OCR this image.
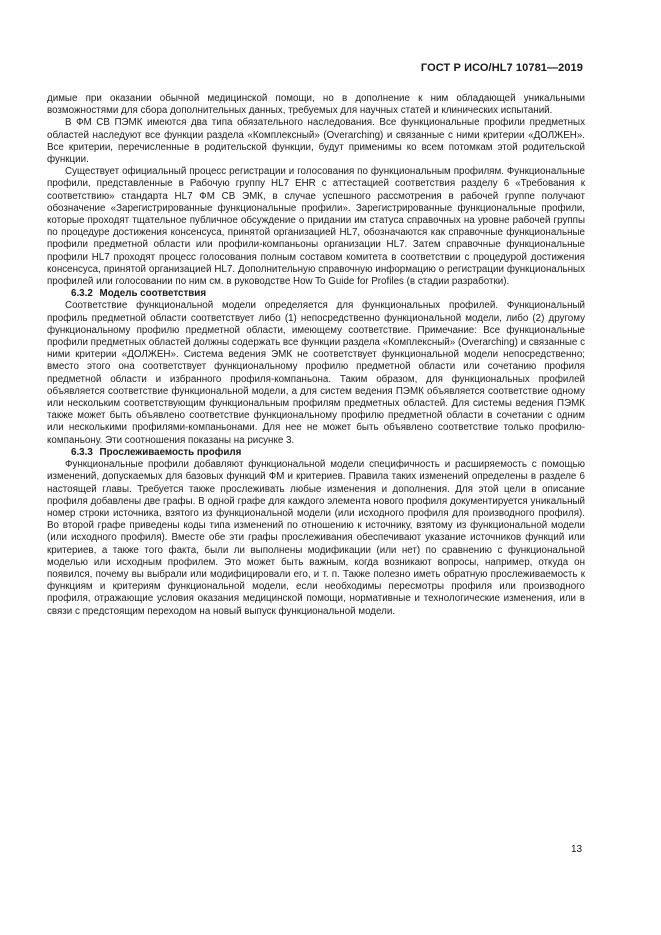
ГОСТ Р ИСО/HL7 10781—2019

димые при оказании обычной медицинской помощи, но в дополнение к ним обладающей уникальными возможностями для сбора дополнительных данных, требуемых для научных статей и клинических испытаний.

В ФМ СВ ПЭМК имеются два типа обязательного наследования. Все функциональные профили предметных областей наследуют все функции раздела «Комплексный» (Overarching) и связанные с ними критерии «ДОЛЖЕН». Все критерии, перечисленные в родительской функции, будут применимы ко всем потомкам этой родительской функции.

Существует официальный процесс регистрации и голосования по функциональным профилям. Функциональные профили, представленные в Рабочую группу HL7 EHR с аттестацией соответствия разделу 6 «Требования к соответствию» стандарта HL7 ФМ СВ ЭМК, в случае успешного рассмотрения в рабочей группе получают обозначение «Зарегистрированные функциональные профили». Зарегистрированные функциональные профили, которые проходят тщательное публичное обсуждение о придании им статуса справочных на уровне рабочей группы по процедуре достижения консенсуса, принятой организацией HL7, обозначаются как справочные функциональные профили предметной области или профили-компаньоны организации HL7. Затем справочные функциональные профили HL7 проходят процесс голосования полным составом комитета в соответствии с процедурой достижения консенсуса, принятой организацией HL7. Дополнительную справочную информацию о регистрации функциональных профилей или голосовании по ним см. в руководстве How To Guide for Profiles (в стадии разработки).

6.3.2 Модель соответствия

Соответствие функциональной модели определяется для функциональных профилей. Функциональный профиль предметной области соответствует либо (1) непосредственно функциональной модели, либо (2) другому функциональному профилю предметной области, имеющему соответствие. Примечание: Все функциональные профили предметных областей должны содержать все функции раздела «Комплексный» (Overarching) и связанные с ними критерии «ДОЛЖЕН». Система ведения ЭМК не соответствует функциональной модели непосредственно; вместо этого она соответствует функциональному профилю предметной области или сочетанию профиля предметной области и избранного профиля-компаньона. Таким образом, для функциональных профилей объявляется соответствие функциональной модели, а для систем ведения ПЭМК объявляется соответствие одному или нескольким соответствующим функциональным профилям предметных областей. Для системы ведения ПЭМК также может быть объявлено соответствие функциональному профилю предметной области в сочетании с одним или несколькими профилями-компаньонами. Для нее не может быть объявлено соответствие только профилю-компаньону. Эти соотношения показаны на рисунке 3.

6.3.3 Прослеживаемость профиля

Функциональные профили добавляют функциональной модели специфичность и расширяемость с помощью изменений, допускаемых для базовых функций ФМ и критериев. Правила таких изменений определены в разделе 6 настоящей главы. Требуется также прослеживать любые изменения и дополнения. Для этой цели в описание профиля добавлены две графы. В одной графе для каждого элемента нового профиля документируется уникальный номер строки источника, взятого из функциональной модели (или исходного профиля для производного профиля). Во второй графе приведены коды типа изменений по отношению к источнику, взятому из функциональной модели (или исходного профиля). Вместе обе эти графы прослеживания обеспечивают указание источников функций или критериев, а также того факта, были ли выполнены модификации (или нет) по сравнению с функциональной моделью или исходным профилем. Это может быть важным, когда возникают вопросы, например, откуда он появился, почему вы выбрали или модифицировали его, и т. п. Также полезно иметь обратную прослеживаемость к функциям и критериям функциональной модели, если необходимы пересмотры профиля или производного профиля, отражающие условия оказания медицинской помощи, нормативные и технологические изменения, или в связи с предстоящим переходом на новый выпуск функциональной модели.

13
